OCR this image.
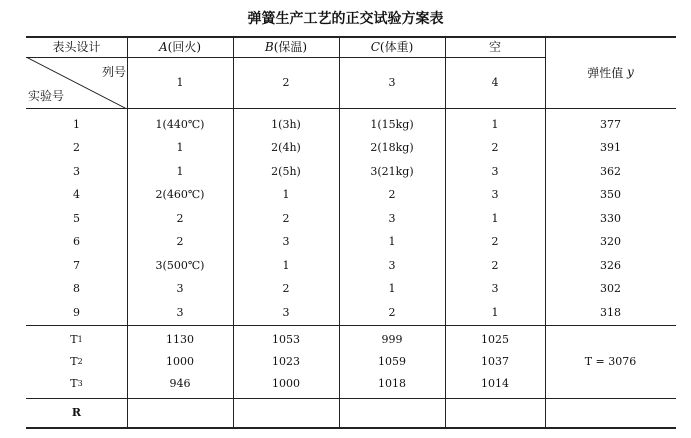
弹簧生产工艺的正交试验方案表
表头设计	A (回火)	B (保温)	C (体重)	空
列号
实验号
1	2	3	4
弹性值
y
1	1(440℃)	1(3h)	1(15kg)	1	377
2	1	2(4h)	2(18kg)	2	391
3	1	2(5h)	3(21kg)	3	362
4	2(460℃)	1	2	3	350
5	2	2	3	1	330
6	2	3	1	2	320
7	3(500℃)	1	3	2	326
8	3	2	1	3	302
9	3	3	2	1	318
T 1	1130	1053	999	1025
T 2	1000	1023	1059	1037
T 3	946	1000	1018	1014
T = 3076
R
